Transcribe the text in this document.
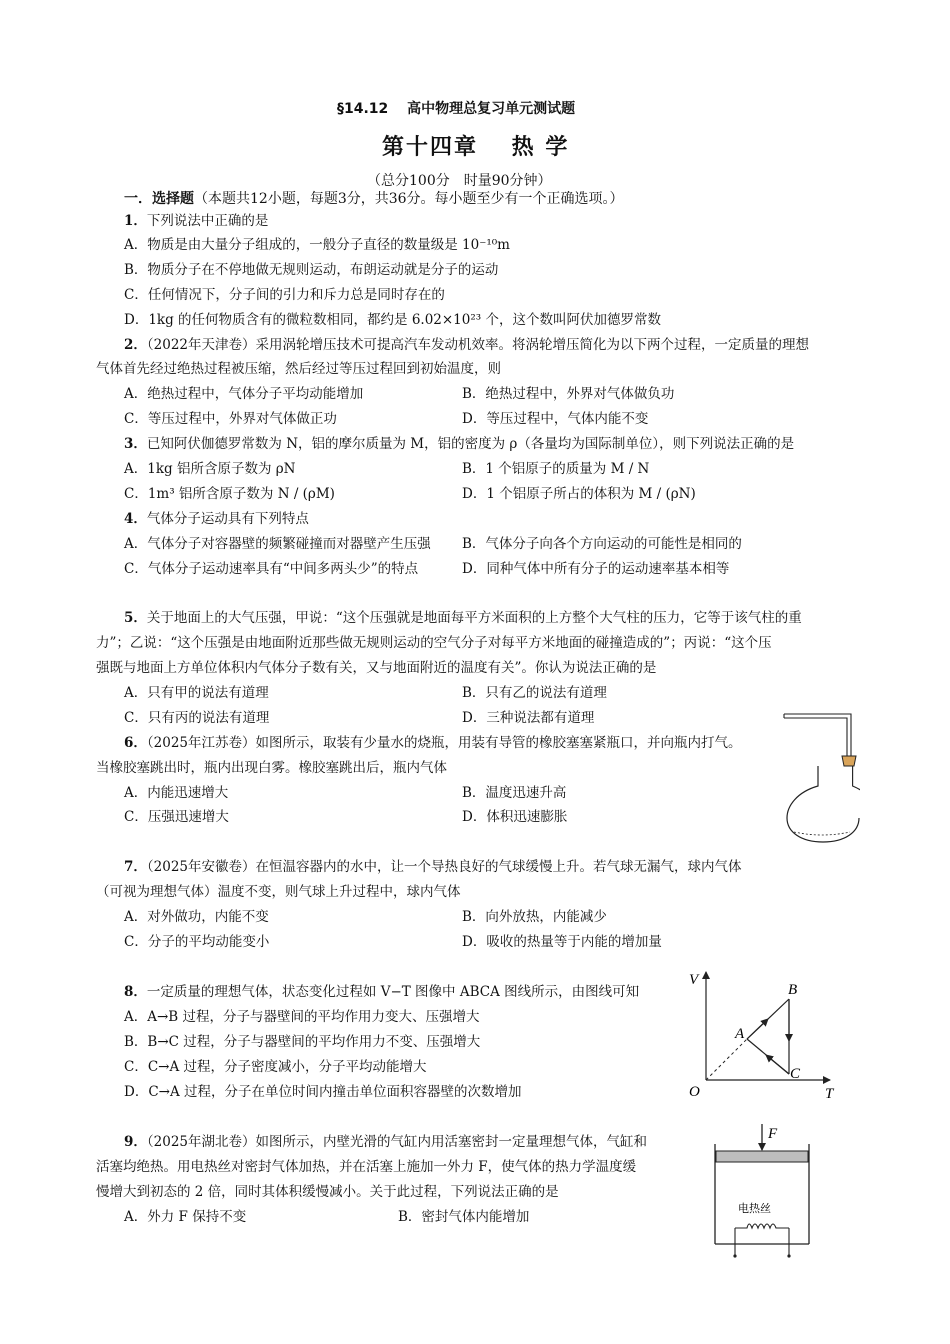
§14.12　 高中物理总复习单元测试题
第十四章　 热 学
（总分100分　时量90分钟）
一．选择题（本题共12小题，每题3分，共36分。每小题至少有一个正确选项。）
1．下列说法中正确的是
A．物质是由大量分子组成的，一般分子直径的数量级是 10⁻¹⁰m
B．物质分子在不停地做无规则运动，布朗运动就是分子的运动
C．任何情况下，分子间的引力和斥力总是同时存在的
D．1kg 的任何物质含有的微粒数相同，都约是 6.02×10²³ 个，这个数叫阿伏加德罗常数
2．（2022年天津卷）采用涡轮增压技术可提高汽车发动机效率。将涡轮增压简化为以下两个过程，一定质量的理想
气体首先经过绝热过程被压缩，然后经过等压过程回到初始温度，则
A．绝热过程中，气体分子平均动能增加	B．绝热过程中，外界对气体做负功
C．等压过程中，外界对气体做正功	D．等压过程中，气体内能不变
3．已知阿伏伽德罗常数为 N，铝的摩尔质量为 M，铝的密度为 ρ（各量均为国际制单位），则下列说法正确的是
A．1kg 铝所含原子数为 ρN	B．1 个铝原子的质量为 M / N
C．1m³ 铝所含原子数为 N / (ρM)	D．1 个铝原子所占的体积为 M / (ρN)
4．气体分子运动具有下列特点
A．气体分子对容器壁的频繁碰撞而对器壁产生压强 B．气体分子向各个方向运动的可能性是相同的
C．气体分子运动速率具有“中间多两头少”的特点	D．同种气体中所有分子的运动速率基本相等
5．关于地面上的大气压强，甲说：“这个压强就是地面每平方米面积的上方整个大气柱的压力，它等于该气柱的重
力”；乙说：“这个压强是由地面附近那些做无规则运动的空气分子对每平方米地面的碰撞造成的”；丙说：“这个压
强既与地面上方单位体积内气体分子数有关，又与地面附近的温度有关”。你认为说法正确的是
A．只有甲的说法有道理	B．只有乙的说法有道理
C．只有丙的说法有道理	D．三种说法都有道理
6．（2025年江苏卷）如图所示，取装有少量水的烧瓶，用装有导管的橡胶塞塞紧瓶口，并向瓶内打气。
当橡胶塞跳出时，瓶内出现白雾。橡胶塞跳出后，瓶内气体
A．内能迅速增大	B．温度迅速升高
C．压强迅速增大	D．体积迅速膨胀
7．（2025年安徽卷）在恒温容器内的水中，让一个导热良好的气球缓慢上升。若气球无漏气，球内气体
（可视为理想气体）温度不变，则气球上升过程中，球内气体
A．对外做功，内能不变	B．向外放热，内能减少
C．分子的平均动能变小	D．吸收的热量等于内能的增加量
8．一定质量的理想气体，状态变化过程如 V−T 图像中 ABCA 图线所示，由图线可知
A．A→B 过程，分子与器壁间的平均作用力变大、压强增大
B．B→C 过程，分子与器壁间的平均作用力不变、压强增大
C．C→A 过程，分子密度减小，分子平均动能增大
D．C→A 过程，分子在单位时间内撞击单位面积容器壁的次数增加
V
T
O
A
B
C
9．（2025年湖北卷）如图所示，内壁光滑的气缸内用活塞密封一定量理想气体，气缸和
活塞均绝热。用电热丝对密封气体加热，并在活塞上施加一外力 F，使气体的热力学温度缓
慢增大到初态的 2 倍，同时其体积缓慢减小。关于此过程，下列说法正确的是
A．外力 F 保持不变	B．密封气体内能增加
F
电热丝
